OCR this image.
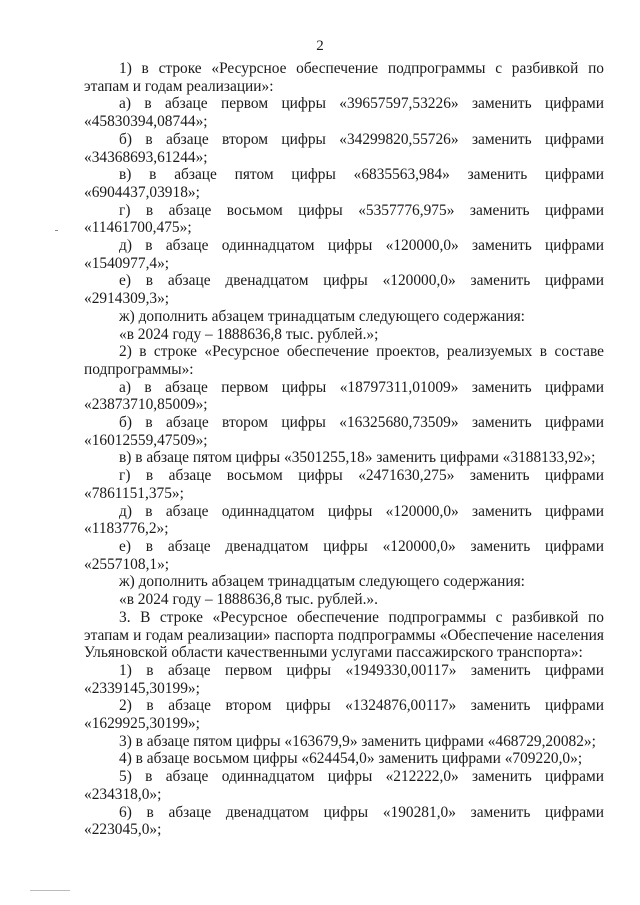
2

1) в строке «Ресурсное обеспечение подпрограммы с разбивкой по этапам и годам реализации»:

а) в абзаце первом цифры «39657597,53226» заменить цифрами «45830394,08744»;

б) в абзаце втором цифры «34299820,55726» заменить цифрами «34368693,61244»;

в) в абзаце пятом цифры «6835563,984» заменить цифрами «6904437,03918»;

г) в абзаце восьмом цифры «5357776,975» заменить цифрами «11461700,475»;

д) в абзаце одиннадцатом цифры «120000,0» заменить цифрами «1540977,4»;

е) в абзаце двенадцатом цифры «120000,0» заменить цифрами «2914309,3»;

ж) дополнить абзацем тринадцатым следующего содержания:

«в 2024 году – 1888636,8 тыс. рублей.»;

2) в строке «Ресурсное обеспечение проектов, реализуемых в составе подпрограммы»:

а) в абзаце первом цифры «18797311,01009» заменить цифрами «23873710,85009»;

б) в абзаце втором цифры «16325680,73509» заменить цифрами «16012559,47509»;

в) в абзаце пятом цифры «3501255,18» заменить цифрами «3188133,92»;

г) в абзаце восьмом цифры «2471630,275» заменить цифрами «7861151,375»;

д) в абзаце одиннадцатом цифры «120000,0» заменить цифрами «1183776,2»;

е) в абзаце двенадцатом цифры «120000,0» заменить цифрами «2557108,1»;

ж) дополнить абзацем тринадцатым следующего содержания:

«в 2024 году – 1888636,8 тыс. рублей.».

3. В строке «Ресурсное обеспечение подпрограммы с разбивкой по этапам и годам реализации» паспорта подпрограммы «Обеспечение населения Ульяновской области качественными услугами пассажирского транспорта»:

1) в абзаце первом цифры «1949330,00117» заменить цифрами «2339145,30199»;

2) в абзаце втором цифры «1324876,00117» заменить цифрами «1629925,30199»;

3) в абзаце пятом цифры «163679,9» заменить цифрами «468729,20082»;

4) в абзаце восьмом цифры «624454,0» заменить цифрами «709220,0»;

5) в абзаце одиннадцатом цифры «212222,0» заменить цифрами «234318,0»;

6) в абзаце двенадцатом цифры «190281,0» заменить цифрами «223045,0»;
